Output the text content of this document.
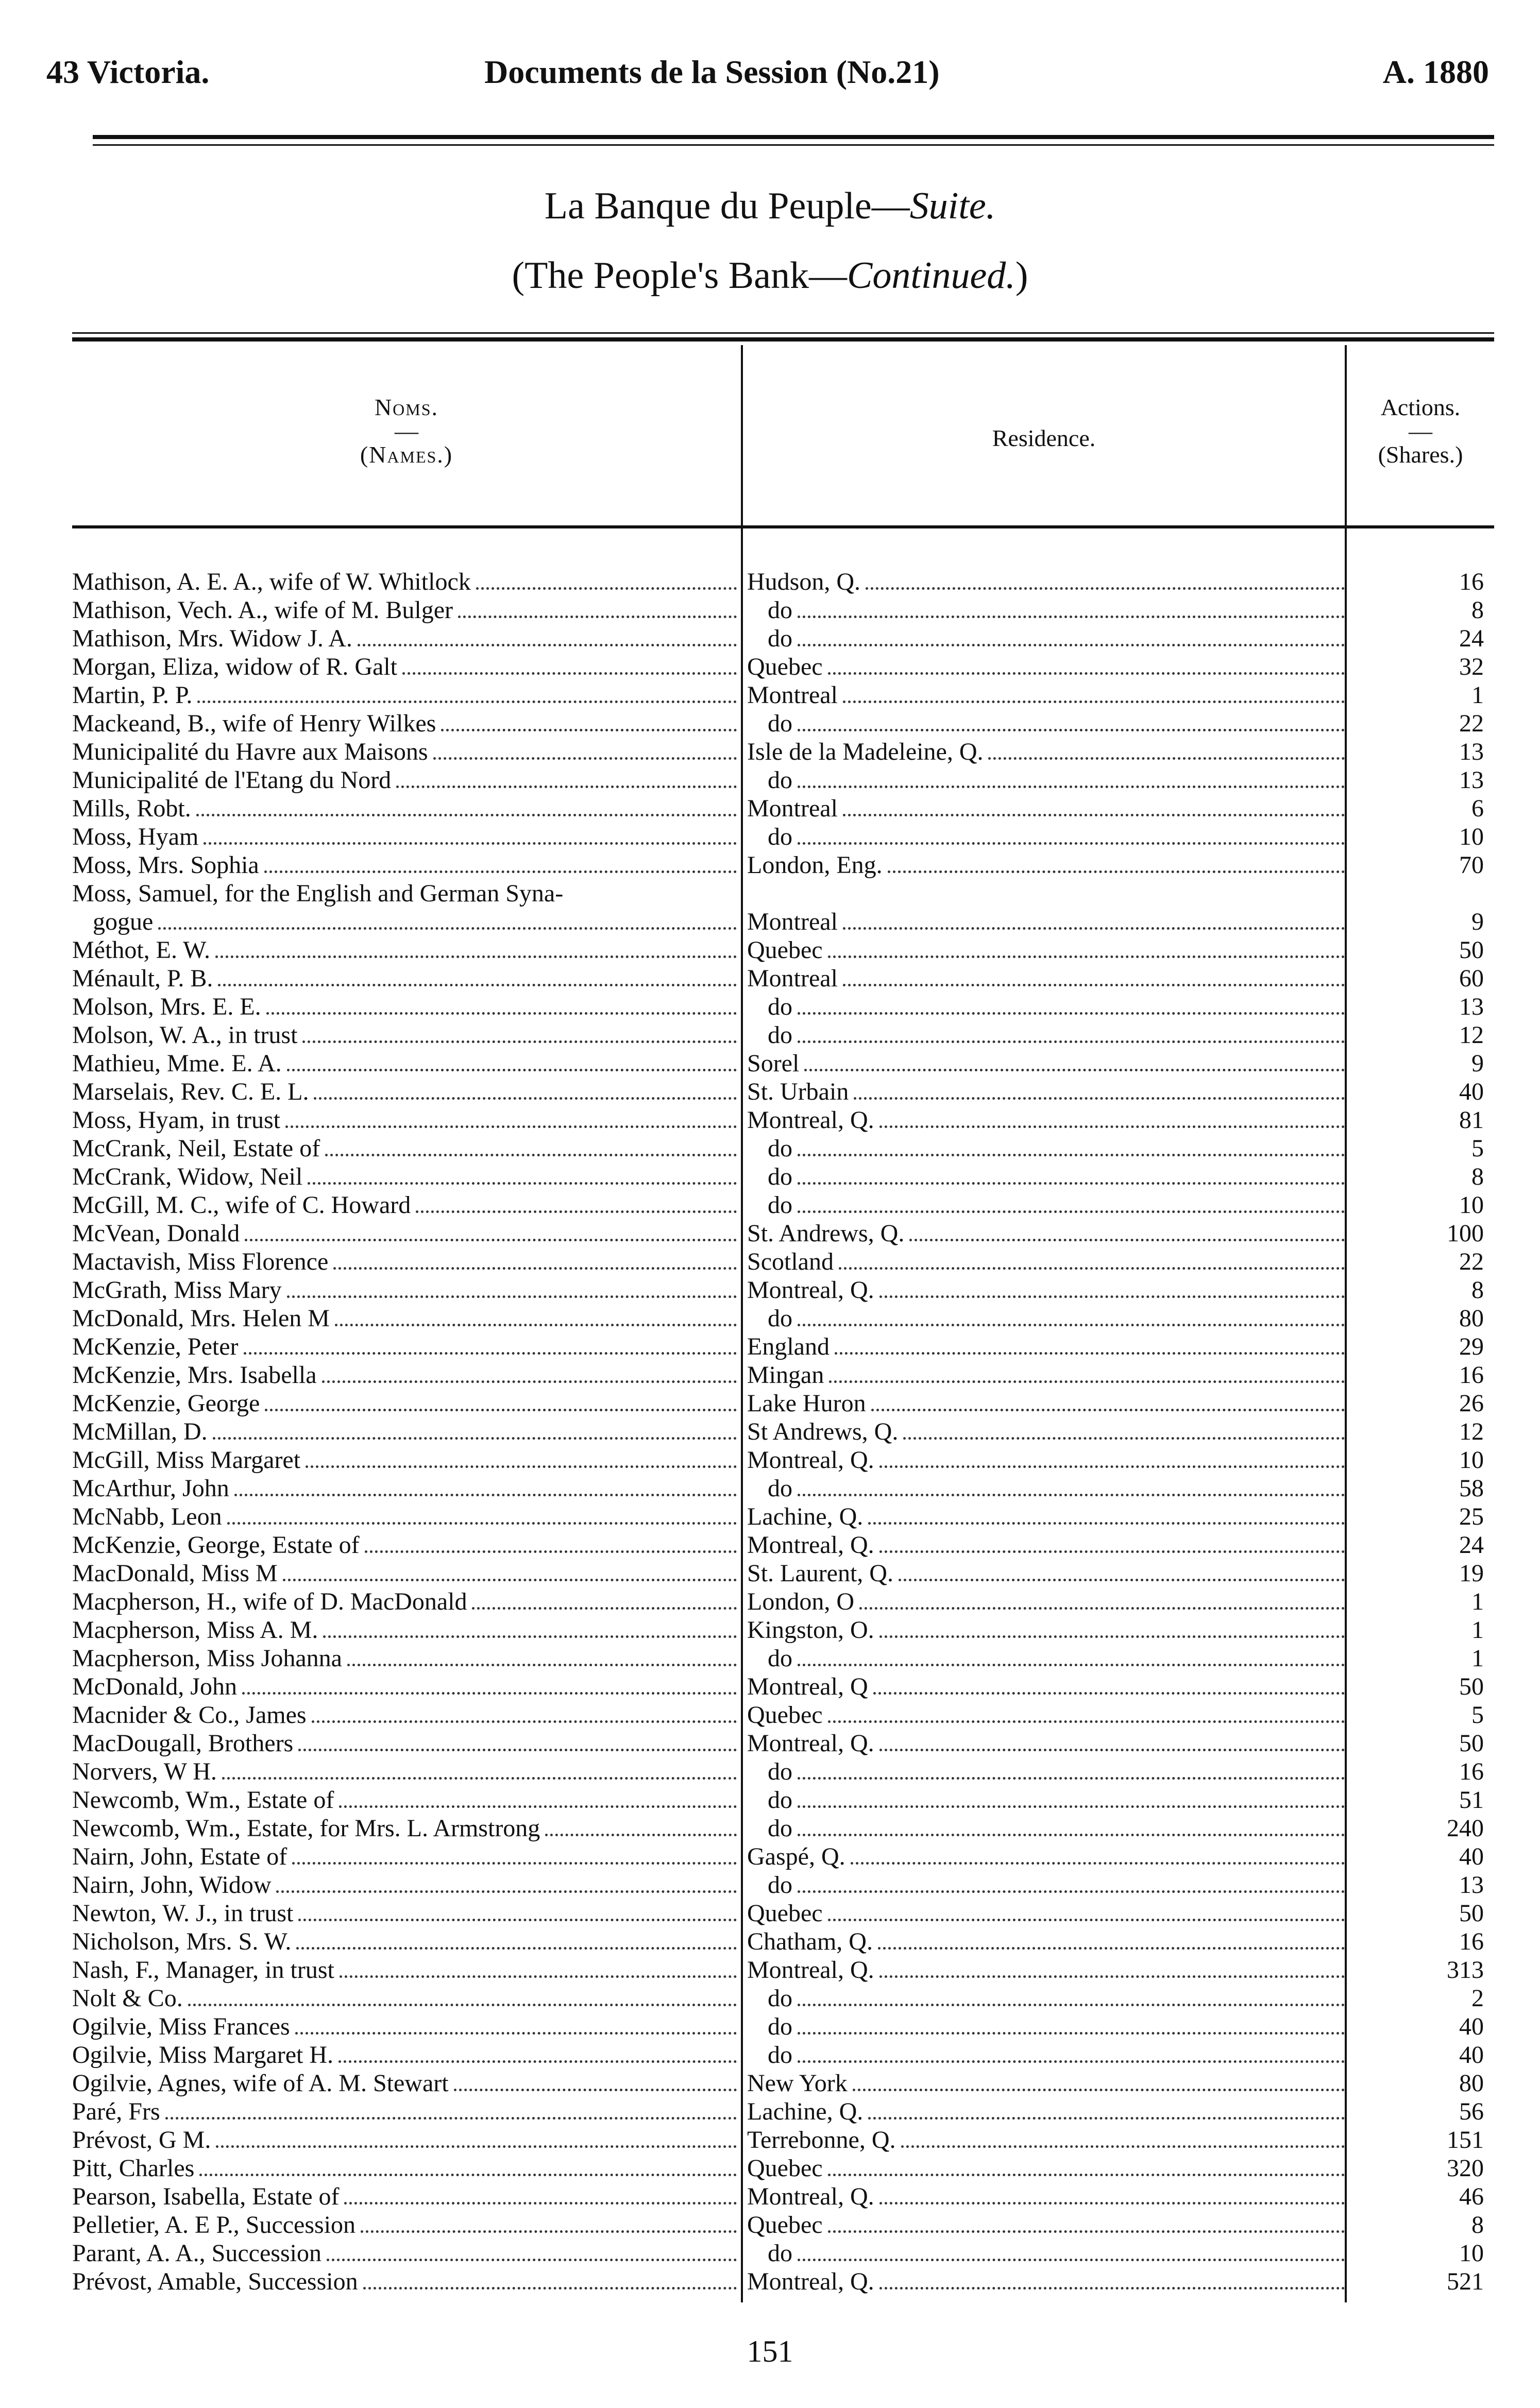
43 Victoria.	Documents de la Session (No.21)	A. 1880
La Banque du Peuple—Suite.
(The People's Bank—Continued.)
Noms.
—
(Names.)
Residence.
Actions.
—
(Shares.)
Mathison, A. E. A., wife of W. Whitlock	Hudson, Q.	16
Mathison, Vech. A., wife of M. Bulger	do	8
Mathison, Mrs. Widow J. A.	do	24
Morgan, Eliza, widow of R. Galt	Quebec	32
Martin, P. P.	Montreal	1
Mackeand, B., wife of Henry Wilkes	do	22
Municipalité du Havre aux Maisons	Isle de la Madeleine, Q.	13
Municipalité de l'Etang du Nord	do	13
Mills, Robt.	Montreal	6
Moss, Hyam	do	10
Moss, Mrs. Sophia	London, Eng.	70
Moss, Samuel, for the English and German Syna-
gogue	Montreal	9
Méthot, E. W.	Quebec	50
Ménault, P. B.	Montreal	60
Molson, Mrs. E. E.	do	13
Molson, W. A., in trust	do	12
Mathieu, Mme. E. A.	Sorel	9
Marselais, Rev. C. E. L.	St. Urbain	40
Moss, Hyam, in trust	Montreal, Q.	81
McCrank, Neil, Estate of	do	5
McCrank, Widow, Neil	do	8
McGill, M. C., wife of C. Howard	do	10
McVean, Donald	St. Andrews, Q.	100
Mactavish, Miss Florence	Scotland	22
McGrath, Miss Mary	Montreal, Q.	8
McDonald, Mrs. Helen M	do	80
McKenzie, Peter	England	29
McKenzie, Mrs. Isabella	Mingan	16
McKenzie, George	Lake Huron	26
McMillan, D.	St Andrews, Q.	12
McGill, Miss Margaret	Montreal, Q.	10
McArthur, John	do	58
McNabb, Leon	Lachine, Q.	25
McKenzie, George, Estate of	Montreal, Q.	24
MacDonald, Miss M	St. Laurent, Q.	19
Macpherson, H., wife of D. MacDonald	London, O	1
Macpherson, Miss A. M.	Kingston, O.	1
Macpherson, Miss Johanna	do	1
McDonald, John	Montreal, Q	50
Macnider & Co., James	Quebec	5
MacDougall, Brothers	Montreal, Q.	50
Norvers, W H.	do	16
Newcomb, Wm., Estate of	do	51
Newcomb, Wm., Estate, for Mrs. L. Armstrong	do	240
Nairn, John, Estate of	Gaspé, Q.	40
Nairn, John, Widow	do	13
Newton, W. J., in trust	Quebec	50
Nicholson, Mrs. S. W.	Chatham, Q.	16
Nash, F., Manager, in trust	Montreal, Q.	313
Nolt & Co.	do	2
Ogilvie, Miss Frances	do	40
Ogilvie, Miss Margaret H.	do	40
Ogilvie, Agnes, wife of A. M. Stewart	New York	80
Paré, Frs	Lachine, Q.	56
Prévost, G M.	Terrebonne, Q.	151
Pitt, Charles	Quebec	320
Pearson, Isabella, Estate of	Montreal, Q.	46
Pelletier, A. E P., Succession	Quebec	8
Parant, A. A., Succession	do	10
Prévost, Amable, Succession	Montreal, Q.	521
151
